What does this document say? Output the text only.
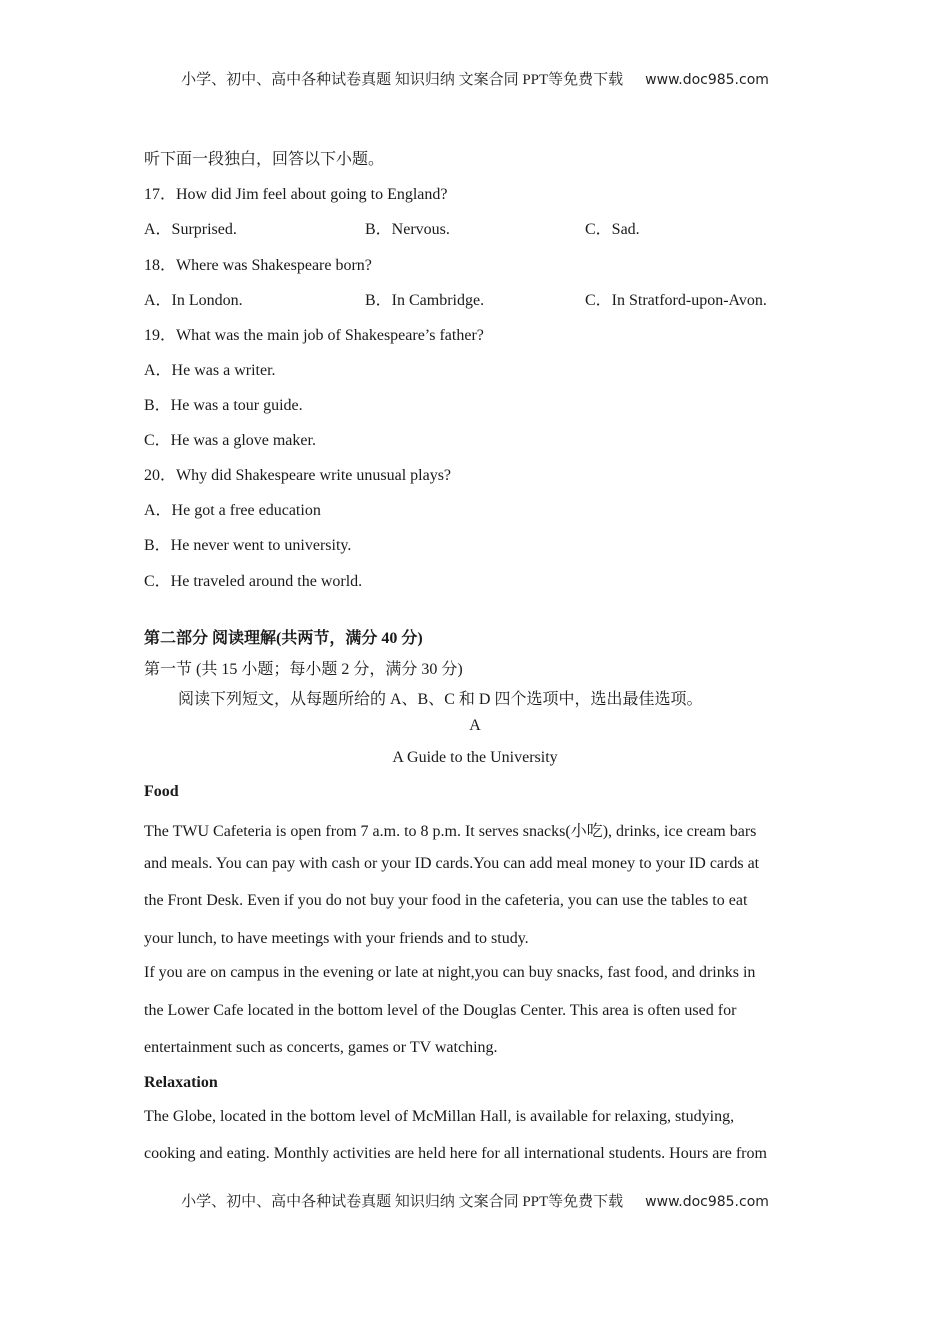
小学、初中、高中各种试卷真题 知识归纳 文案合同 PPT等免费下载 www.doc985.com
听下面一段独白，回答以下小题。
17．How did Jim feel about going to England?
A．Surprised.	B．Nervous.	C．Sad.
18．Where was Shakespeare born?
A．In London.	B．In Cambridge.	C．In Stratford-upon-Avon.
19．What was the main job of Shakespeare’s father?
A．He was a writer.
B．He was a tour guide.
C．He was a glove maker.
20．Why did Shakespeare write unusual plays?
A．He got a free education
B．He never went to university.
C．He traveled around the world.
第二部分 阅读理解(共两节，满分 40 分)
第一节 (共 15 小题；每小题 2 分，满分 30 分)
阅读下列短文，从每题所给的 A、B、C 和 D 四个选项中，选出最佳选项。
A
A Guide to the University
Food
The TWU Cafeteria is open from 7 a.m. to 8 p.m. It serves snacks(小吃), drinks, ice cream bars
and meals. You can pay with cash or your ID cards.You can add meal money to your ID cards at
the Front Desk. Even if you do not buy your food in the cafeteria, you can use the tables to eat
your lunch, to have meetings with your friends and to study.
If you are on campus in the evening or late at night,you can buy snacks, fast food, and drinks in
the Lower Cafe located in the bottom level of the Douglas Center. This area is often used for
entertainment such as concerts, games or TV watching.
Relaxation
The Globe, located in the bottom level of McMillan Hall, is available for relaxing, studying,
cooking and eating. Monthly activities are held here for all international students. Hours are from
小学、初中、高中各种试卷真题 知识归纳 文案合同 PPT等免费下载 www.doc985.com
